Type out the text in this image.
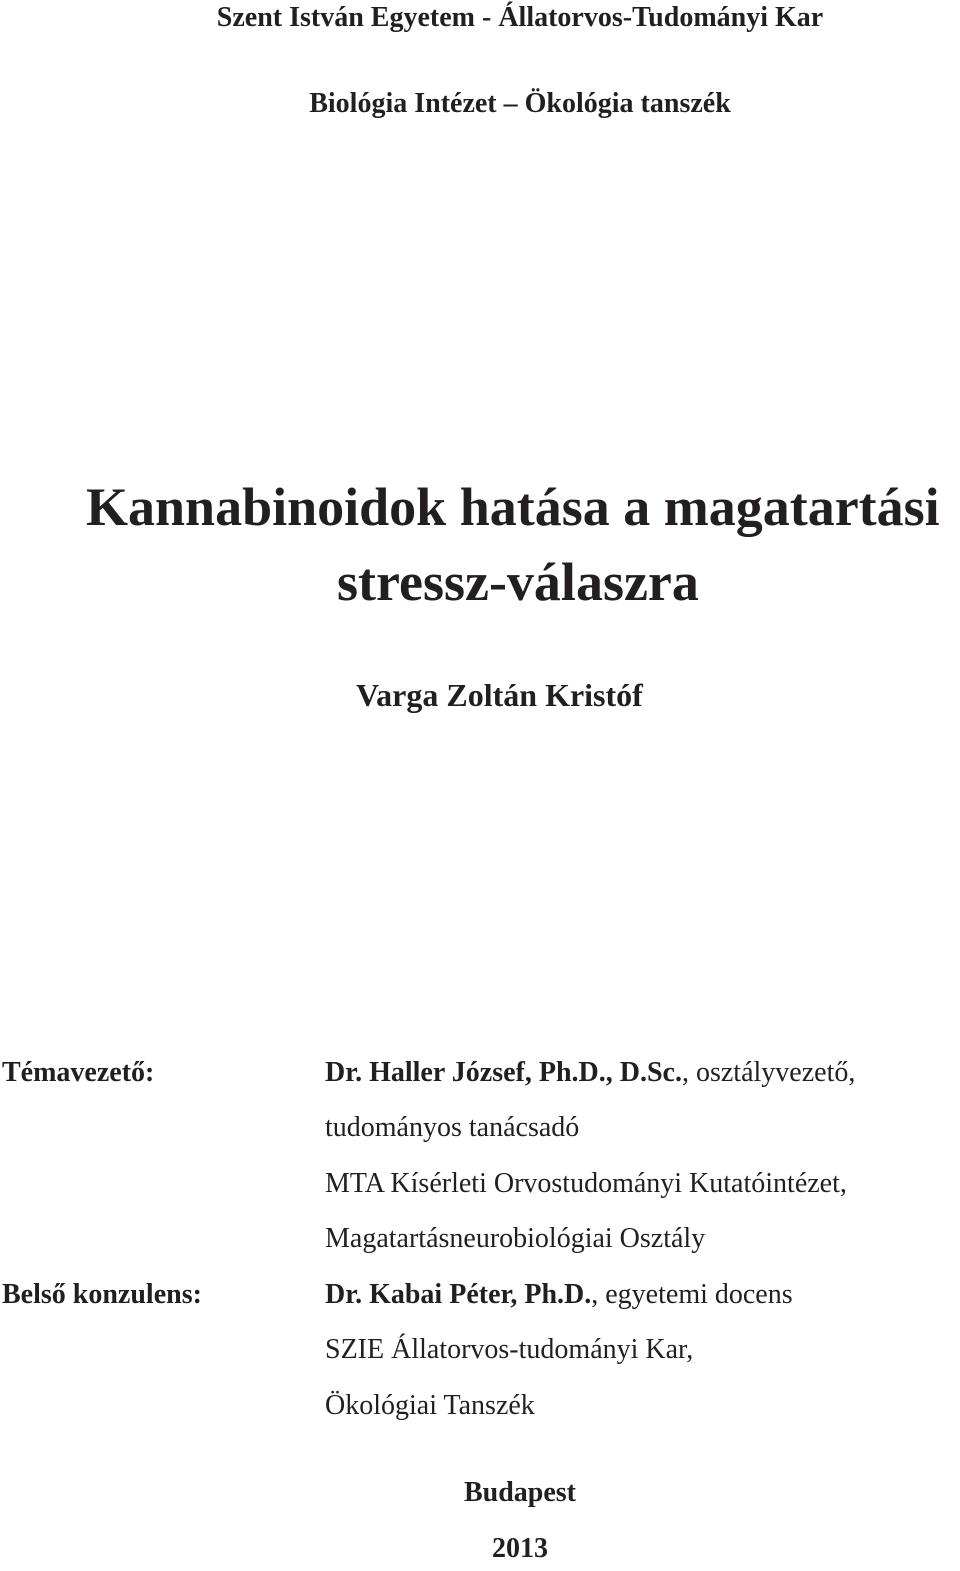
Szent István Egyetem - Állatorvos-Tudományi Kar
Biológia Intézet – Ökológia tanszék
Kannabinoidok hatása a magatartási
stressz-válaszra
Varga Zoltán Kristóf
Témavezető:	Dr. Haller József, Ph.D., D.Sc., osztályvezető,
tudományos tanácsadó
MTA Kísérleti Orvostudományi Kutatóintézet,
Magatartásneurobiológiai Osztály
Belső konzulens:	Dr. Kabai Péter, Ph.D., egyetemi docens
SZIE Állatorvos-tudományi Kar,
Ökológiai Tanszék
Budapest
2013
